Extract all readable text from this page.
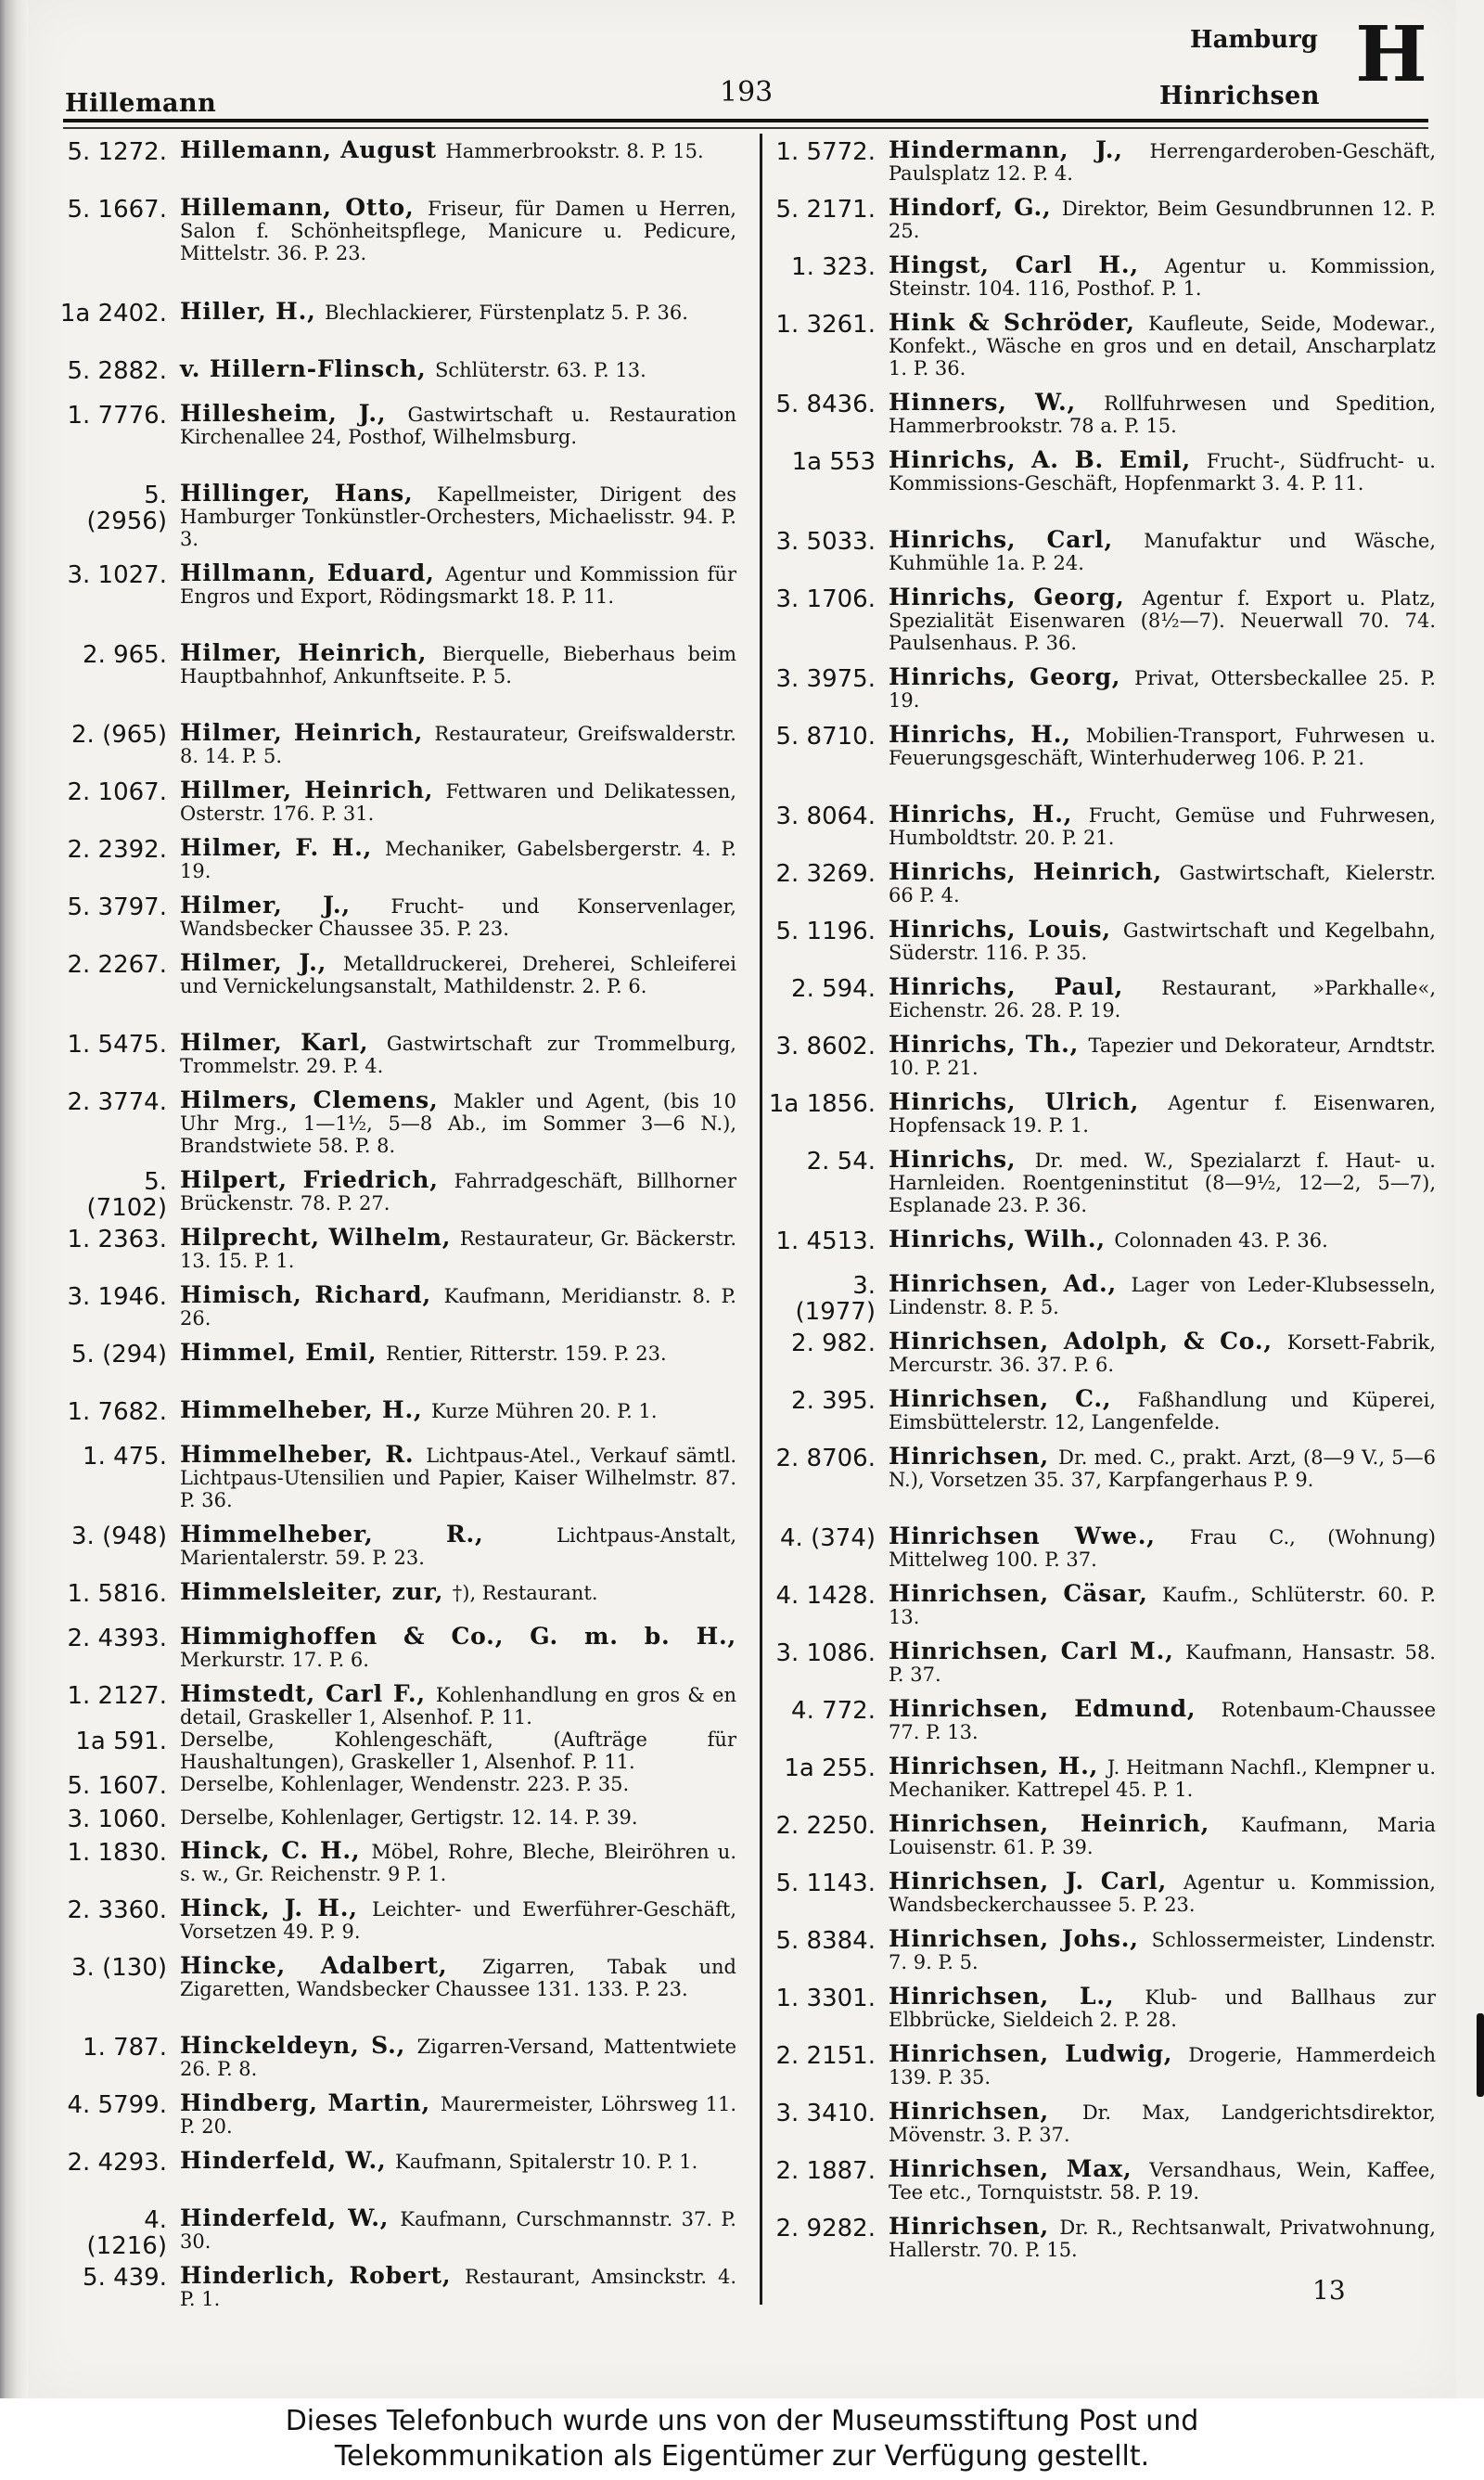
Hillemann	193
Hamburg
Hinrichsen H
5. 1272. Hillemann, August Hammerbrookstr. 8. P. 15.
5. 1667. Hillemann, Otto, Friseur, für Damen u Herren, Salon f. Schönheitspflege, Manicure u. Pedicure, Mittelstr. 36. P. 23.
1a 2402. Hiller, H., Blechlackierer, Fürstenplatz 5. P. 36.
5. 2882. v. Hillern-Flinsch, Schlüterstr. 63. P. 13.
1. 7776. Hillesheim, J., Gastwirtschaft u. Restauration Kirchenallee 24, Posthof, Wilhelmsburg.
5. (2956)
Hillinger, Hans, Kapellmeister, Dirigent des Hamburger Tonkünstler-Orchesters, Michaelisstr. 94. P. 3.
3. 1027. Hillmann, Eduard, Agentur und Kommission für Engros und Export, Rödingsmarkt 18. P. 11.
2. 965. Hilmer, Heinrich, Bierquelle, Bieberhaus beim Hauptbahnhof, Ankunftseite. P. 5.
2. (965) Hilmer, Heinrich, Restaurateur, Greifswalderstr. 8. 14. P. 5.
2. 1067. Hillmer, Heinrich, Fettwaren und Delikatessen, Osterstr. 176. P. 31.
2. 2392. Hilmer, F. H., Mechaniker, Gabelsbergerstr. 4. P. 19.
5. 3797. Hilmer, J., Frucht- und Konservenlager, Wandsbecker Chaussee 35. P. 23.
2. 2267. Hilmer, J., Metalldruckerei, Dreherei, Schleiferei und Vernickelungsanstalt, Mathildenstr. 2. P. 6.
1. 5475. Hilmer, Karl, Gastwirtschaft zur Trommelburg, Trommelstr. 29. P. 4.
2. 3774. Hilmers, Clemens, Makler und Agent, (bis 10 Uhr Mrg., 1—1½, 5—8 Ab., im Sommer 3—6 N.), Brandstwiete 58. P. 8.
5. (7102)
Hilpert, Friedrich, Fahrradgeschäft, Billhorner Brückenstr. 78. P. 27.
1. 2363. Hilprecht, Wilhelm, Restaurateur, Gr. Bäckerstr. 13. 15. P. 1.
3. 1946. Himisch, Richard, Kaufmann, Meridianstr. 8. P. 26.
5. (294) Himmel, Emil, Rentier, Ritterstr. 159. P. 23.
1. 7682. Himmelheber, H., Kurze Mühren 20. P. 1.
1. 475. Himmelheber, R. Lichtpaus-Atel., Verkauf sämtl. Lichtpaus-Utensilien und Papier, Kaiser Wilhelmstr. 87. P. 36.
3. (948) Himmelheber, R.,	Lichtpaus-Anstalt, Marientalerstr. 59. P. 23.
1. 5816. Himmelsleiter, zur, †), Restaurant.
2. 4393. Himmighoffen & Co., G. m. b. H.,Merkurstr. 17. P. 6.
1. 2127. Himstedt, Carl F., Kohlenhandlung en gros & en detail, Graskeller 1, Alsenhof. P. 11.
1a 591. Derselbe, Kohlengeschäft, (Aufträge für Haushaltungen), Graskeller 1, Alsenhof. P. 11.
5. 1607. Derselbe, Kohlenlager, Wendenstr. 223. P. 35.
3. 1060. Derselbe, Kohlenlager, Gertigstr. 12. 14. P. 39.
1. 1830. Hinck, C. H., Möbel, Rohre, Bleche, Bleiröhren u. s. w., Gr. Reichenstr. 9 P. 1.
2. 3360. Hinck, J. H., Leichter- und Ewerführer-Geschäft, Vorsetzen 49. P. 9.
3. (130) Hincke, Adalbert, Zigarren, Tabak und Zigaretten, Wandsbecker Chaussee 131. 133. P. 23.
1. 787. Hinckeldeyn, S., Zigarren-Versand, Mattentwiete 26. P. 8.
4. 5799. Hindberg, Martin, Maurermeister, Löhrsweg 11. P. 20.
2. 4293. Hinderfeld, W., Kaufmann, Spitalerstr 10. P. 1.
4. (1216)
Hinderfeld, W., Kaufmann, Curschmannstr. 37. P. 30.
5. 439. Hinderlich, Robert, Restaurant, Amsinckstr. 4. P. 1.
1. 5772. Hindermann, J., Herrengarderoben-Geschäft, Paulsplatz 12. P. 4.
5. 2171. Hindorf, G., Direktor, Beim Gesundbrunnen 12. P. 25.
1. 323. Hingst, Carl H., Agentur u. Kommission, Steinstr. 104. 116, Posthof. P. 1.
1. 3261. Hink & Schröder, Kaufleute, Seide, Modewar., Konfekt., Wäsche en gros und en detail, Anscharplatz 1. P. 36.
5. 8436. Hinners, W., Rollfuhrwesen und Spedition, Hammerbrookstr. 78 a. P. 15.
1a 553 Hinrichs, A. B. Emil, Frucht-, Südfrucht- u. Kommissions-Geschäft, Hopfenmarkt 3. 4. P. 11.
3. 5033. Hinrichs, Carl, Manufaktur und Wäsche, Kuhmühle 1a. P. 24.
3. 1706. Hinrichs, Georg, Agentur f. Export u. Platz, Spezialität Eisenwaren (8½—7). Neuerwall 70. 74. Paulsenhaus. P. 36.
3. 3975. Hinrichs, Georg, Privat, Ottersbeckallee 25. P. 19.
5. 8710. Hinrichs, H., Mobilien-Transport, Fuhrwesen u. Feuerungsgeschäft, Winterhuderweg 106. P. 21.
3. 8064. Hinrichs, H., Frucht, Gemüse und Fuhrwesen, Humboldtstr. 20. P. 21.
2. 3269. Hinrichs, Heinrich, Gastwirtschaft, Kielerstr. 66 P. 4.
5. 1196. Hinrichs, Louis, Gastwirtschaft und Kegelbahn, Süderstr. 116. P. 35.
2. 594. Hinrichs, Paul, Restaurant, »Parkhalle«, Eichenstr. 26. 28. P. 19.
3. 8602. Hinrichs, Th., Tapezier und Dekorateur, Arndtstr. 10. P. 21.
1a 1856. Hinrichs, Ulrich, Agentur f. Eisenwaren, Hopfensack 19. P. 1.
2. 54. Hinrichs, Dr. med. W., Spezialarzt f. Haut- u. Harnleiden. Roentgeninstitut (8—9½, 12—2, 5—7), Esplanade 23. P. 36.
1. 4513. Hinrichs, Wilh., Colonnaden 43. P. 36.
3. (1977)
Hinrichsen, Ad., Lager von Leder-Klubsesseln, Lindenstr. 8. P. 5.
2. 982. Hinrichsen, Adolph, & Co., Korsett-Fabrik, Mercurstr. 36. 37. P. 6.
2. 395. Hinrichsen, C., Faßhandlung und Küperei, Eimsbüttelerstr. 12, Langenfelde.
2. 8706. Hinrichsen, Dr. med. C., prakt. Arzt, (8—9 V., 5—6 N.), Vorsetzen 35. 37, Karpfangerhaus P. 9.
4. (374) Hinrichsen Wwe., Frau C., (Wohnung) Mittelweg 100. P. 37.
4. 1428. Hinrichsen, Cäsar, Kaufm., Schlüterstr. 60. P. 13.
3. 1086. Hinrichsen, Carl M., Kaufmann, Hansastr. 58. P. 37.
4. 772. Hinrichsen, Edmund, Rotenbaum-Chaussee 77. P. 13.
1a 255. Hinrichsen, H., J. Heitmann Nachfl., Klempner u. Mechaniker. Kattrepel 45. P. 1.
2. 2250. Hinrichsen, Heinrich, Kaufmann, Maria Louisenstr. 61. P. 39.
5. 1143. Hinrichsen, J. Carl, Agentur u. Kommission, Wandsbeckerchaussee 5. P. 23.
5. 8384. Hinrichsen, Johs., Schlossermeister, Lindenstr. 7. 9. P. 5.
1. 3301. Hinrichsen, L., Klub- und Ballhaus zur Elbbrücke, Sieldeich 2. P. 28.
2. 2151. Hinrichsen, Ludwig, Drogerie, Hammerdeich 139. P. 35.
3. 3410. Hinrichsen, Dr. Max, Landgerichtsdirektor, Mövenstr. 3. P. 37.
2. 1887. Hinrichsen, Max, Versandhaus, Wein, Kaffee, Tee etc., Tornquiststr. 58. P. 19.
2. 9282. Hinrichsen, Dr. R., Rechtsanwalt, Privatwohnung, Hallerstr. 70. P. 15.
13
Dieses Telefonbuch wurde uns von der Museumsstiftung Post und
Telekommunikation als Eigentümer zur Verfügung gestellt.
